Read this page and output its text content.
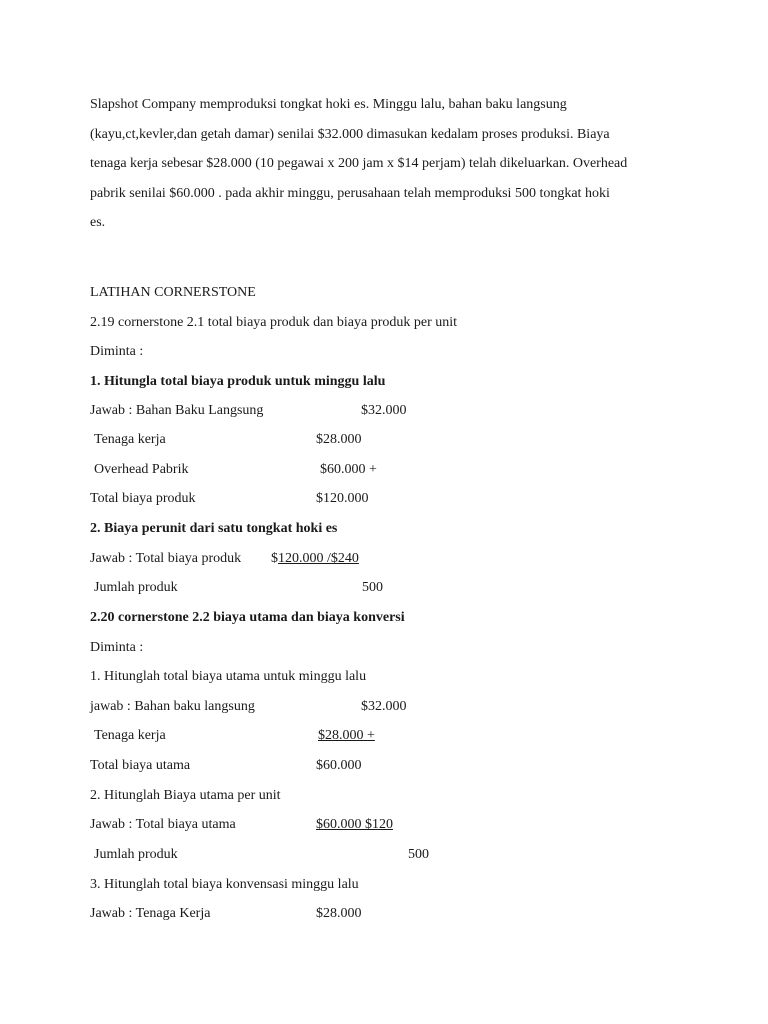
Slapshot Company memproduksi tongkat hoki es. Minggu lalu, bahan baku langsung
(kayu,ct,kevler,dan getah damar) senilai $32.000 dimasukan kedalam proses produksi. Biaya
tenaga kerja sebesar $28.000 (10 pegawai x 200 jam x $14 perjam) telah dikeluarkan. Overhead
pabrik senilai $60.000 . pada akhir minggu, perusahaan telah memproduksi 500 tongkat hoki
es.
LATIHAN CORNERSTONE
2.19 cornerstone 2.1 total biaya produk dan biaya produk per unit
Diminta :
1. Hitungla total biaya produk untuk minggu lalu
Jawab : Bahan Baku Langsung	$32.000
Tenaga kerja	$28.000
Overhead Pabrik	$60.000 +
Total biaya produk	$120.000
2. Biaya perunit dari satu tongkat hoki es
Jawab : Total biaya produk $120.000 /$240
Jumlah produk	500
2.20 cornerstone 2.2 biaya utama dan biaya konversi
Diminta :
1. Hitunglah total biaya utama untuk minggu lalu
jawab : Bahan baku langsung	$32.000
Tenaga kerja	$28.000 +
Total biaya utama	$60.000
2. Hitunglah Biaya utama per unit
Jawab : Total biaya utama	$60.000 $120
Jumlah produk	500
3. Hitunglah total biaya konvensasi minggu lalu
Jawab : Tenaga Kerja	$28.000
